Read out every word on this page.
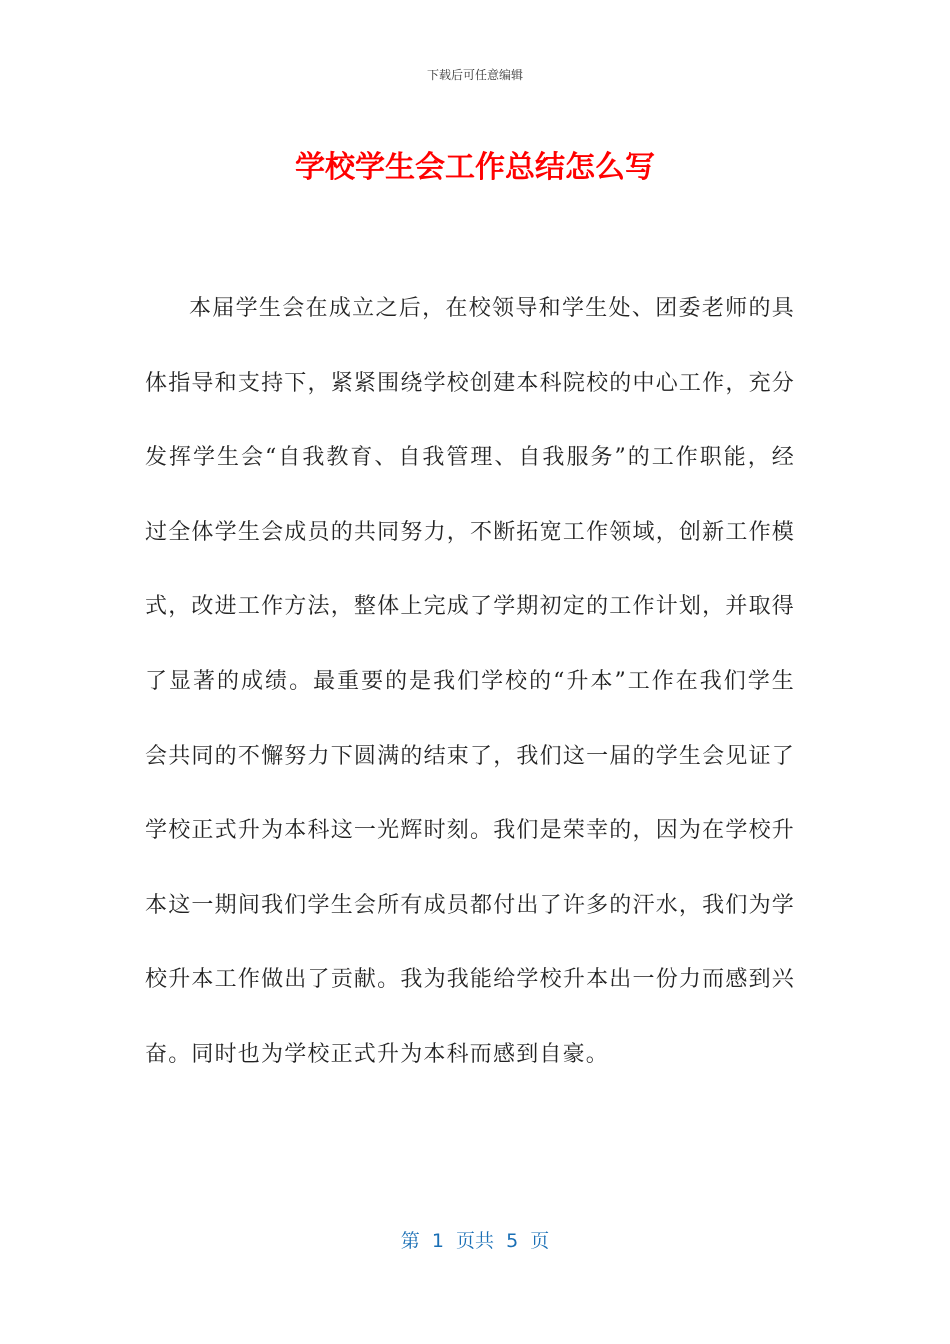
下载后可任意编辑
学校学生会工作总结怎么写

本届学生会在成立之后，在校领导和学生处、团委老师的具体指导和支持下，紧紧围绕学校创建本科院校的中心工作，充分发挥学生会“自我教育、自我管理、自我服务”的工作职能，经过全体学生会成员的共同努力，不断拓宽工作领域，创新工作模式，改进工作方法，整体上完成了学期初定的工作计划，并取得了显著的成绩。最重要的是我们学校的“升本”工作在我们学生会共同的不懈努力下圆满的结束了，我们这一届的学生会见证了学校正式升为本科这一光辉时刻。我们是荣幸的，因为在学校升本这一期间我们学生会所有成员都付出了许多的汗水，我们为学校升本工作做出了贡献。我为我能给学校升本出一份力而感到兴奋。同时也为学校正式升为本科而感到自豪。

第  1  页共  5  页
